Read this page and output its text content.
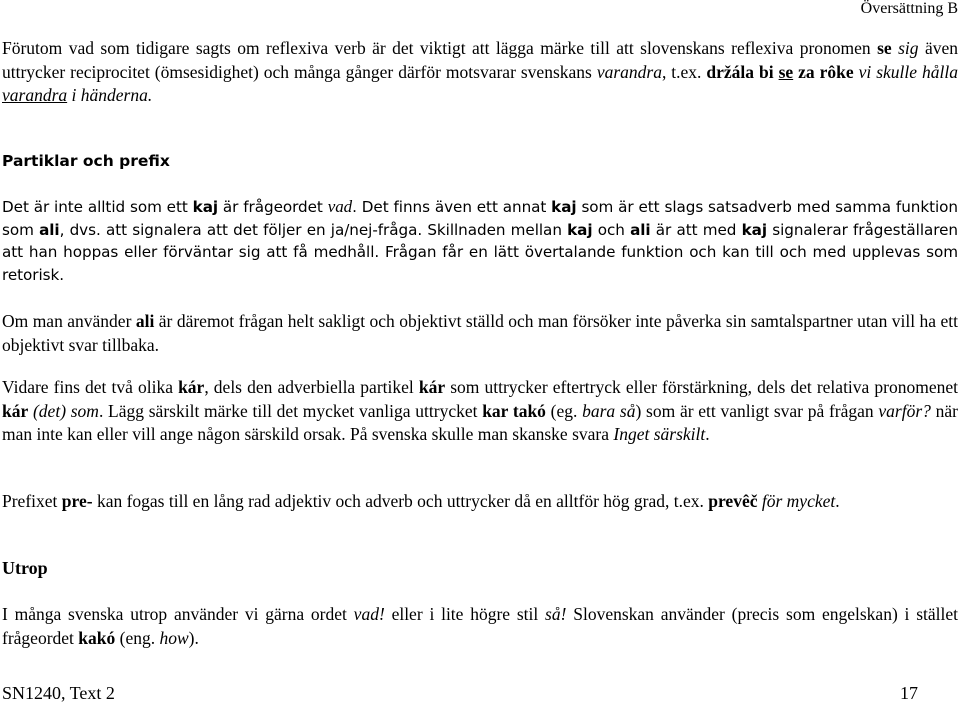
Översättning B
Förutom vad som tidigare sagts om reflexiva verb är det viktigt att lägga märke till att slovenskans reflexiva pronomen se sig även uttrycker reciprocitet (ömsesidighet) och många gånger därför motsvarar svenskans varandra, t.ex. držála bi se za rôke vi skulle hålla varandra i händerna.
Partiklar och prefix
Det är inte alltid som ett kaj är frågeordet vad. Det finns även ett annat kaj som är ett slags satsadverb med samma funktion som ali, dvs. att signalera att det följer en ja/nej-fråga. Skillnaden mellan kaj och ali är att med kaj signalerar frågeställaren att han hoppas eller förväntar sig att få medhåll. Frågan får en lätt övertalande funktion och kan till och med upplevas som retorisk.
Om man använder ali är däremot frågan helt sakligt och objektivt ställd och man försöker inte påverka sin samtalspartner utan vill ha ett objektivt svar tillbaka.
Vidare fins det två olika kár, dels den adverbiella partikel kár som uttrycker eftertryck eller förstärkning, dels det relativa pronomenet kár (det) som. Lägg särskilt märke till det mycket vanliga uttrycket kar takó (eg. bara så) som är ett vanligt svar på frågan varför? när man inte kan eller vill ange någon särskild orsak. På svenska skulle man skanske svara Inget särskilt.
Prefixet pre- kan fogas till en lång rad adjektiv och adverb och uttrycker då en alltför hög grad, t.ex. prevêč för mycket.
Utrop
I många svenska utrop använder vi gärna ordet vad! eller i lite högre stil så! Slovenskan använder (precis som engelskan) i stället frågeordet kakó (eng. how).
SN1240, Text 2	17
